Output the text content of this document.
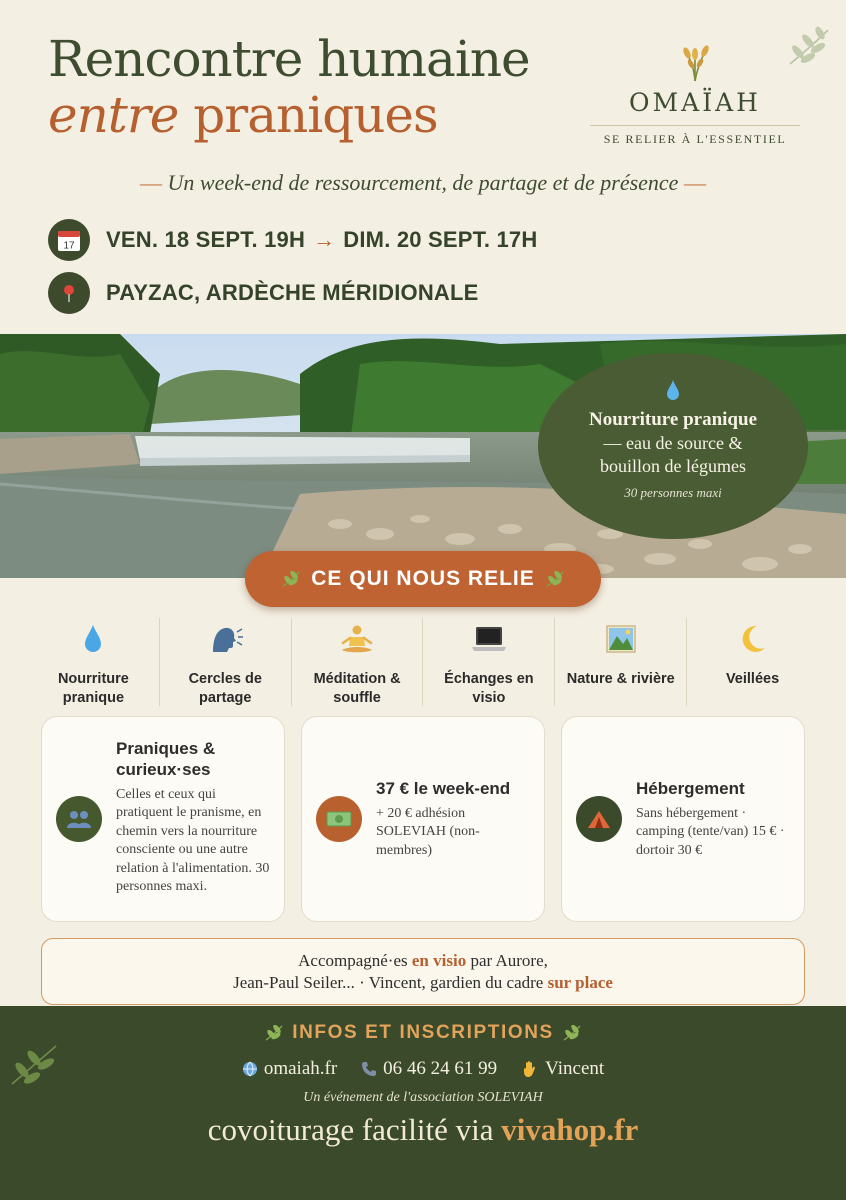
Rencontre humaine
entre praniques	OMAÏAH
SE RELIER À L'ESSENTIEL
— Un week-end de ressourcement, de partage et de présence —
17 VEN. 18 SEPT. 19H → DIM. 20 SEPT. 17H
PAYZAC, ARDÈCHE MÉRIDIONALE
Nourriture pranique
— eau de source &
bouillon de légumes
30 personnes maxi
CE QUI NOUS RELIE
Nourriture
pranique
Cercles de
partage
Méditation &
souffle
Échanges en
visio
Nature & rivière	Veillées
Praniques &
curieux·ses
Celles et ceux qui pratiquent le pranisme, en chemin vers la nourriture consciente ou une autre relation à l'alimentation. 30 personnes maxi.
37 € le week-end
+ 20 € adhésion SOLEVIAH (non-membres)
Hébergement
Sans hébergement · camping (tente/van) 15 € · dortoir 30 €
Accompagné·es en visio par Aurore,
Jean-Paul Seiler... · Vincent, gardien du cadre sur place
INFOS ET INSCRIPTIONS
omaiah.fr 06 46 24 61 99	Vincent
Un événement de l'association SOLEVIAH
covoiturage facilité via vivahop.fr
